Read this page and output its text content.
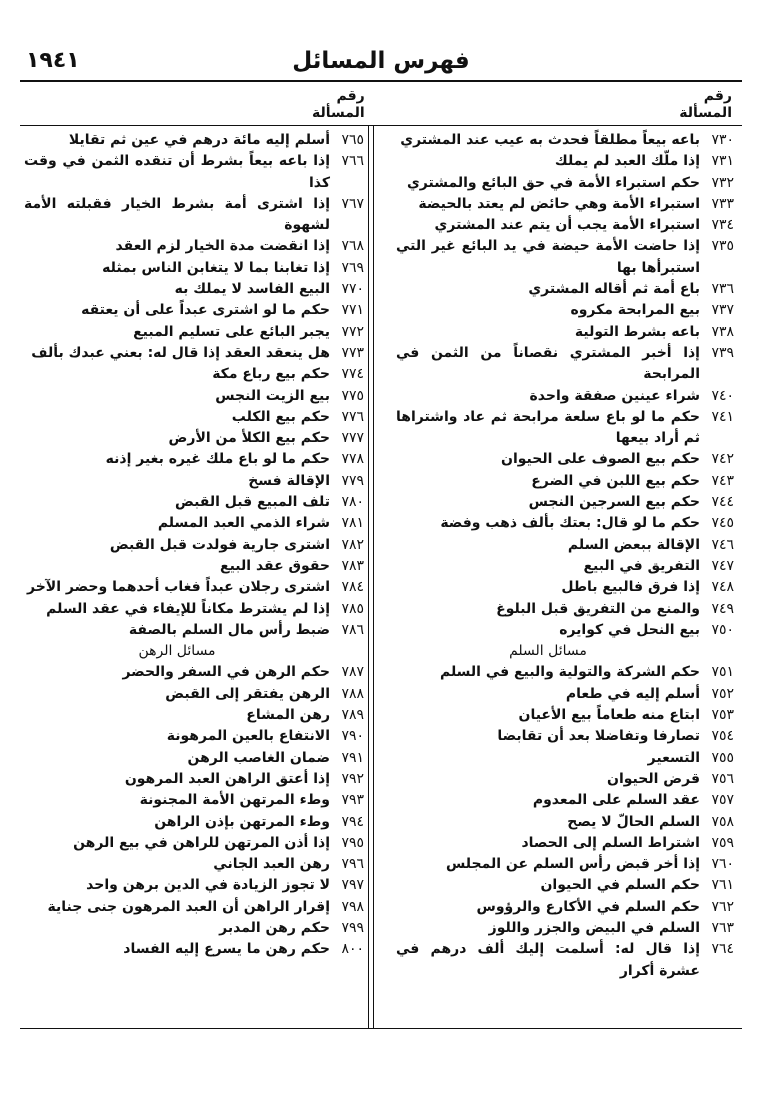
فهرس المسائل
١٩٤١
رقم
المسألة
رقم
المسألة
٧٣٠
باعه بيعاً مطلقاً فحدث به عيب عند المشتري
٧٣١
إذا ملّك العبد لم يملك
٧٣٢
حكم استبراء الأمة في حق البائع والمشتري
٧٣٣
استبراء الأمة وهي حائض لم يعتد بالحيضة
٧٣٤
استبراء الأمة يجب أن يتم عند المشتري
٧٣٥
إذا حاضت الأمة حيضة في يد البائع غير التي استبرأها بها
٧٣٦
باع أمة ثم أقاله المشتري
٧٣٧
بيع المرابحة مكروه
٧٣٨
باعه بشرط التولية
٧٣٩
إذا أخبر المشتري نقصاناً من الثمن في المرابحة
٧٤٠
شراء عينين صفقة واحدة
٧٤١
حكم ما لو باع سلعة مرابحة ثم عاد واشتراها ثم أراد بيعها
٧٤٢
حكم بيع الصوف على الحيوان
٧٤٣
حكم بيع اللبن في الضرع
٧٤٤
حكم بيع السرجين النجس
٧٤٥
حكم ما لو قال: بعتك بألف ذهب وفضة
٧٤٦
الإقالة ببعض السلم
٧٤٧
التفريق في البيع
٧٤٨
إذا فرق فالبيع باطل
٧٤٩
والمنع من التفريق قبل البلوغ
٧٥٠
بيع النحل في كوايره
مسائل السلم
٧٥١
حكم الشركة والتولية والبيع في السلم
٧٥٢
أسلم إليه في طعام
٧٥٣
ابتاع منه طعاماً بيع الأعيان
٧٥٤
تصارفا وتفاضلا بعد أن تقابضا
٧٥٥
التسعير
٧٥٦
قرض الحيوان
٧٥٧
عقد السلم على المعدوم
٧٥٨
السلم الحالّ لا يصح
٧٥٩
اشتراط السلم إلى الحصاد
٧٦٠
إذا أخر قبض رأس السلم عن المجلس
٧٦١
حكم السلم في الحيوان
٧٦٢
حكم السلم في الأكارع والرؤوس
٧٦٣
السلم في البيض والجزر واللوز
٧٦٤
إذا قال له: أسلمت إليك ألف درهم في عشرة أكرار
٧٦٥
أسلم إليه مائة درهم في عين ثم تقايلا
٧٦٦
إذا باعه بيعاً بشرط أن تنقده الثمن في وقت كذا
٧٦٧
إذا اشترى أمة بشرط الخيار فقبلته الأمة لشهوة
٧٦٨
إذا انقضت مدة الخيار لزم العقد
٧٦٩
إذا تغابنا بما لا يتغابن الناس بمثله
٧٧٠
البيع الفاسد لا يملك به
٧٧١
حكم ما لو اشترى عبداً على أن يعتقه
٧٧٢
يجبر البائع على تسليم المبيع
٧٧٣
هل ينعقد العقد إذا قال له: بعني عبدك بألف
٧٧٤
حكم بيع رباع مكة
٧٧٥
بيع الزيت النجس
٧٧٦
حكم بيع الكلب
٧٧٧
حكم بيع الكلأ من الأرض
٧٧٨
حكم ما لو باع ملك غيره بغير إذنه
٧٧٩
الإقالة فسخ
٧٨٠
تلف المبيع قبل القبض
٧٨١
شراء الذمي العبد المسلم
٧٨٢
اشترى جارية فولدت قبل القبض
٧٨٣
حقوق عقد البيع
٧٨٤
اشترى رجلان عبداً فغاب أحدهما وحضر الآخر
٧٨٥
إذا لم يشترط مكاناً للإيفاء في عقد السلم
٧٨٦
ضبط رأس مال السلم بالصفة
مسائل الرهن
٧٨٧
حكم الرهن في السفر والحضر
٧٨٨
الرهن يفتقر إلى القبض
٧٨٩
رهن المشاع
٧٩٠
الانتفاع بالعين المرهونة
٧٩١
ضمان الغاصب الرهن
٧٩٢
إذا أعتق الراهن العبد المرهون
٧٩٣
وطء المرتهن الأمة المجنونة
٧٩٤
وطء المرتهن بإذن الراهن
٧٩٥
إذا أذن المرتهن للراهن في بيع الرهن
٧٩٦
رهن العبد الجاني
٧٩٧
لا تجوز الزيادة في الدين برهن واحد
٧٩٨
إقرار الراهن أن العبد المرهون جنى جناية
٧٩٩
حكم رهن المدبر
٨٠٠
حكم رهن ما يسرع إليه الفساد
